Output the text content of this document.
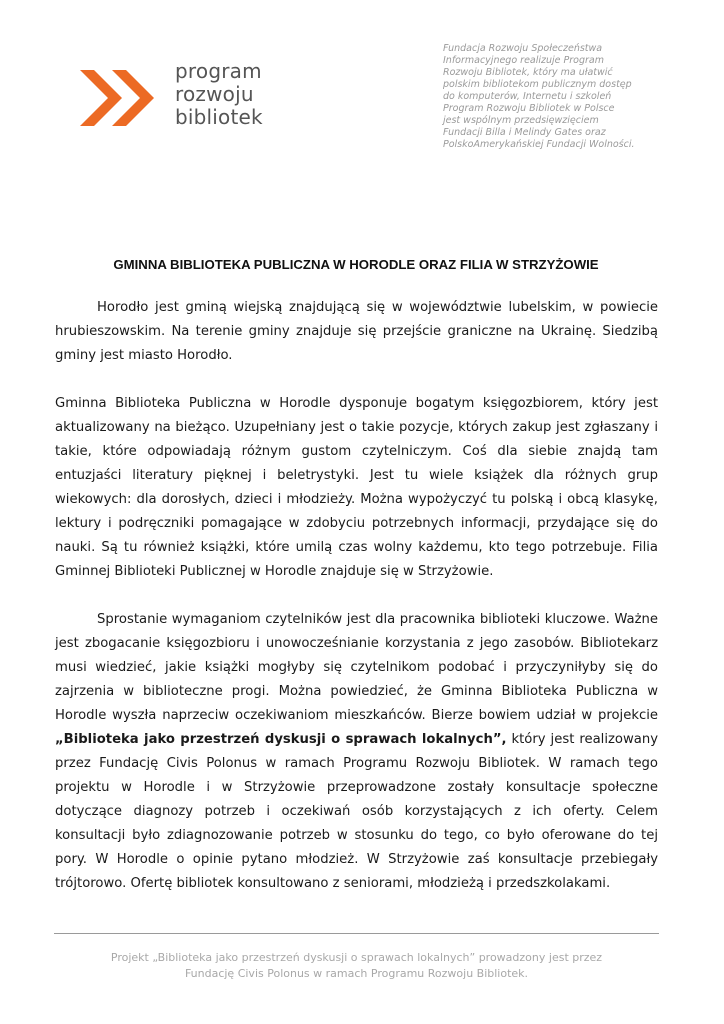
program
rozwoju
bibliotek
Fundacja Rozwoju Społeczeństwa
Informacyjnego realizuje Program
Rozwoju Bibliotek, który ma ułatwić
polskim bibliotekom publicznym dostęp
do komputerów, Internetu i szkoleń
Program Rozwoju Bibliotek w Polsce
jest wspólnym przedsięwzięciem
Fundacji Billa i Melindy Gates oraz
PolskoAmerykańskiej Fundacji Wolności.
GMINNA BIBLIOTEKA PUBLICZNA W HORODLE ORAZ FILIA W STRZYŻOWIE

Horodło jest gminą wiejską znajdującą się w województwie lubelskim, w powiecie hrubieszowskim. Na terenie gminy znajduje się przejście graniczne na Ukrainę. Siedzibą gminy jest miasto Horodło.

Gminna Biblioteka Publiczna w Horodle dysponuje bogatym księgozbiorem, który jest aktualizowany na bieżąco. Uzupełniany jest o takie pozycje, których zakup jest zgłaszany i takie, które odpowiadają różnym gustom czytelniczym. Coś dla siebie znajdą tam entuzjaści literatury pięknej i beletrystyki. Jest tu wiele książek dla różnych grup wiekowych: dla dorosłych, dzieci i młodzieży. Można wypożyczyć tu polską i obcą klasykę, lektury i podręczniki pomagające w zdobyciu potrzebnych informacji, przydające się do nauki. Są tu również książki, które umilą czas wolny każdemu, kto tego potrzebuje. Filia Gminnej Biblioteki Publicznej w Horodle znajduje się w Strzyżowie.

Sprostanie wymaganiom czytelników jest dla pracownika biblioteki kluczowe. Ważne jest zbogacanie księgozbioru i unowocześnianie korzystania z jego zasobów. Bibliotekarz musi wiedzieć, jakie książki mogłyby się czytelnikom podobać i przyczyniłyby się do zajrzenia w biblioteczne progi. Można powiedzieć, że Gminna Biblioteka Publiczna w Horodle wyszła naprzeciw oczekiwaniom mieszkańców. Bierze bowiem udział w projekcie „Biblioteka jako przestrzeń dyskusji o sprawach lokalnych”, który jest realizowany przez Fundację Civis Polonus w ramach Programu Rozwoju Bibliotek. W ramach tego projektu w Horodle i w Strzyżowie przeprowadzone zostały konsultacje społeczne dotyczące diagnozy potrzeb i oczekiwań osób korzystających z ich oferty. Celem konsultacji było zdiagnozowanie potrzeb w stosunku do tego, co było oferowane do tej pory. W Horodle o opinie pytano młodzież. W Strzyżowie zaś konsultacje przebiegały trójtorowo. Ofertę bibliotek konsultowano z seniorami, młodzieżą i przedszkolakami.

Projekt „Biblioteka jako przestrzeń dyskusji o sprawach lokalnych” prowadzony jest przez
Fundację Civis Polonus w ramach Programu Rozwoju Bibliotek.
